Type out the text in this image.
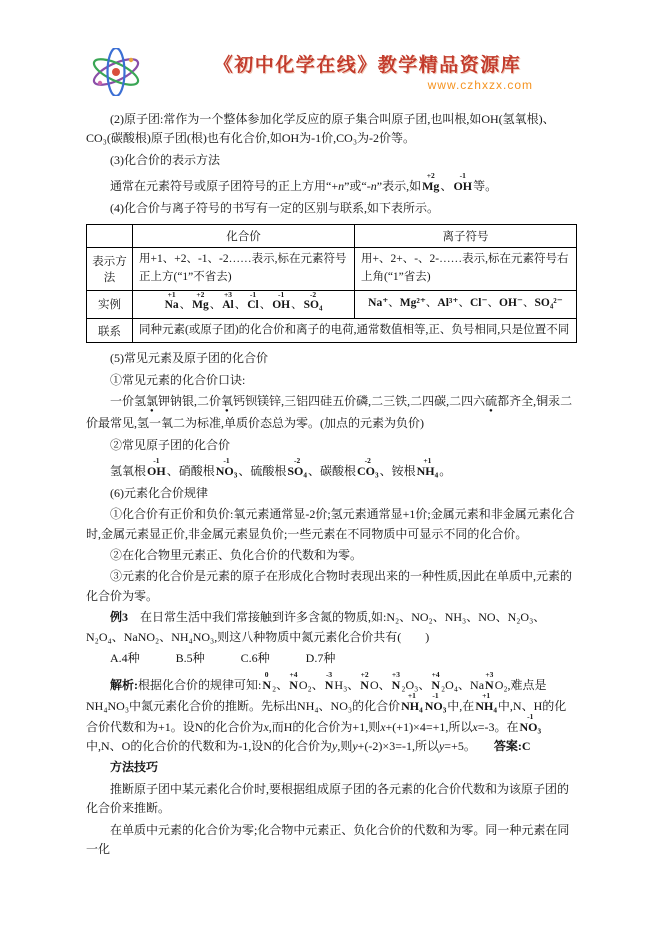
《初中化学在线》教学精品资源库
www.czhxzx.com

(2)原子团:常作为一个整体参加化学反应的原子集合叫原子团,也叫根,如OH(氢氧根)、CO₃(碳酸根)原子团(根)也有化合价,如OH为-1价,CO₃为-2价等。

(3)化合价的表示方法

通常在元素符号或原子团符号的正上方用“+n”或“-n”表示,如Mg+2、OH-1等。

(4)化合价与离子符号的书写有一定的区别与联系,如下表所示。

	化合价	离子符号
表示方法	用+1、+2、-1、-2……表示,标在元素符号正上方(“1”不省去)	用+、2+、-、2-……表示,标在元素符号右上角(“1”省去)
实例	Na+1、Mg+2、Al+3、Cl-1、OH-1、SO₄-2	Na⁺、Mg²⁺、Al³⁺、Cl⁻、OH⁻、SO₄²⁻
联系	同种元素(或原子团)的化合价和离子的电荷,通常数值相等,正、负号相同,只是位置不同	

(5)常见元素及原子团的化合价

①常见元素的化合价口诀:

一价氢氯钾钠银,二价氧钙钡镁锌,三铝四硅五价磷,二三铁,二四碳,二四六硫都齐全,铜汞二价最常见,氢一氧二为标准,单质价态总为零。(加点的元素为负价)

②常见原子团的化合价

氢氧根OH-1、硝酸根NO₃-1、硫酸根SO₄-2、碳酸根CO₃-2、铵根NH₄+1。

(6)元素化合价规律

①化合价有正价和负价:氧元素通常显-2价;氢元素通常显+1价;金属元素和非金属元素化合时,金属元素显正价,非金属元素显负价;一些元素在不同物质中可显示不同的化合价。

②在化合物里元素正、负化合价的代数和为零。

③元素的化合价是元素的原子在形成化合物时表现出来的一种性质,因此在单质中,元素的化合价为零。

例3　在日常生活中我们常接触到许多含氮的物质,如:N₂、NO₂、NH₃、NO、N₂O₃、N₂O₄、NaNO₂、NH₄NO₃,则这八种物质中氮元素化合价共有(　　)

A.4种　　　B.5种　　　C.6种　　　D.7种

解析:根据化合价的规律可知:N0₂、N+4O₂、N-3H₃、N+2O、N+3₂O₃、N+4₂O₄、NaN+3O₂,难点是NH₄NO₃中氮元素化合价的推断。先标出NH₄、NO₃的化合价NH₄+1NO₃-1中,在NH₄+1中,N、H的化合价代数和为+1。设N的化合价为x,而H的化合价为+1,则x+(+1)×4=+1,所以x=-3。在NO₃-1中,N、O的化合价的代数和为-1,设N的化合价为y,则y+(-2)×3=-1,所以y=+5。　　答案:C

方法技巧

推断原子团中某元素化合价时,要根据组成原子团的各元素的化合价代数和为该原子团的化合价来推断。

在单质中元素的化合价为零;化合物中元素正、负化合价的代数和为零。同一种元素在同一化
